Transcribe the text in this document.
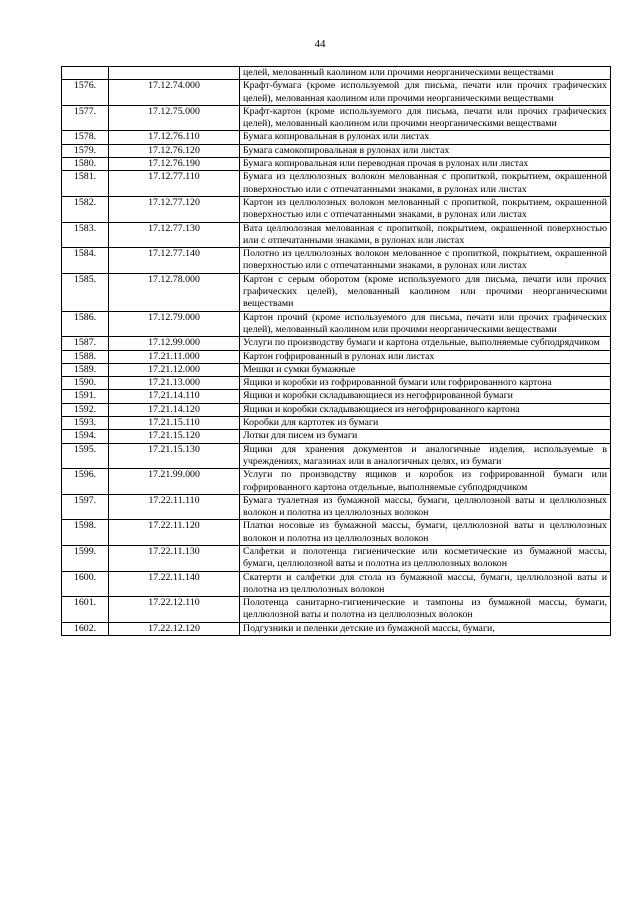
44
		целей, мелованный каолином или прочими неорганическими веществами
1576.	17.12.74.000	Крафт-бумага (кроме используемой для письма, печати или прочих графических целей), мелованная каолином или прочими неорганическими веществами
1577.	17.12.75.000	Крафт-картон (кроме используемого для письма, печати или прочих графических целей), мелованный каолином или прочими неорганическими веществами
1578.	17.12.76.110	Бумага копировальная в рулонах или листах
1579.	17.12.76.120	Бумага самокопировальная в рулонах или листах
1580.	17.12.76.190	Бумага копировальная или переводная прочая в рулонах или листах
1581.	17.12.77.110	Бумага из целлюлозных волокон мелованная с пропиткой, покрытием, окрашенной поверхностью или с отпечатанными знаками, в рулонах или листах
1582.	17.12.77.120	Картон из целлюлозных волокон мелованный с пропиткой, покрытием, окрашенной поверхностью или с отпечатанными знаками, в рулонах или листах
1583.	17.12.77.130	Вата целлюлозная мелованная с пропиткой, покрытием, окрашенной поверхностью или с отпечатанными знаками, в рулонах или листах
1584.	17.12.77.140	Полотно из целлюлозных волокон мелованное с пропиткой, покрытием, окрашенной поверхностью или с отпечатанными знаками, в рулонах или листах
1585.	17.12.78.000	Картон с серым оборотом (кроме используемого для письма, печати или прочих графических целей), мелованный каолином или прочими неорганическими веществами
1586.	17.12.79.000	Картон прочий (кроме используемого для письма, печати или прочих графических целей), мелованный каолином или прочими неорганическими веществами
1587.	17.12.99.000	Услуги по производству бумаги и картона отдельные, выполняемые субподрядчиком
1588.	17.21.11.000	Картон гофрированный в рулонах или листах
1589.	17.21.12.000	Мешки и сумки бумажные
1590.	17.21.13.000	Ящики и коробки из гофрированной бумаги или гофрированного картона
1591.	17.21.14.110	Ящики и коробки складывающиеся из негофрированной бумаги
1592.	17.21.14.120	Ящики и коробки складывающиеся из негофрированного картона
1593.	17.21.15.110	Коробки для картотек из бумаги
1594.	17.21.15.120	Лотки для писем из бумаги
1595.	17.21.15.130	Ящики для хранения документов и аналогичные изделия, используемые в учреждениях, магазинах или в аналогичных целях, из бумаги
1596.	17.21.99.000	Услуги по производству ящиков и коробок из гофрированной бумаги или гофрированного картона отдельные, выполняемые субподрядчиком
1597.	17.22.11.110	Бумага туалетная из бумажной массы, бумаги, целлюлозной ваты и целлюлозных волокон и полотна из целлюлозных волокон
1598.	17.22.11.120	Платки носовые из бумажной массы, бумаги, целлюлозной ваты и целлюлозных волокон и полотна из целлюлозных волокон
1599.	17.22.11.130	Салфетки и полотенца гигиенические или косметические из бумажной массы, бумаги, целлюлозной ваты и полотна из целлюлозных волокон
1600.	17.22.11.140	Скатерти и салфетки для стола из бумажной массы, бумаги, целлюлозной ваты и полотна из целлюлозных волокон
1601.	17.22.12.110	Полотенца санитарно-гигиенические и тампоны из бумажной массы, бумаги, целлюлозной ваты и полотна из целлюлозных волокон
1602.	17.22.12.120	Подгузники и пеленки детские из бумажной массы, бумаги,
